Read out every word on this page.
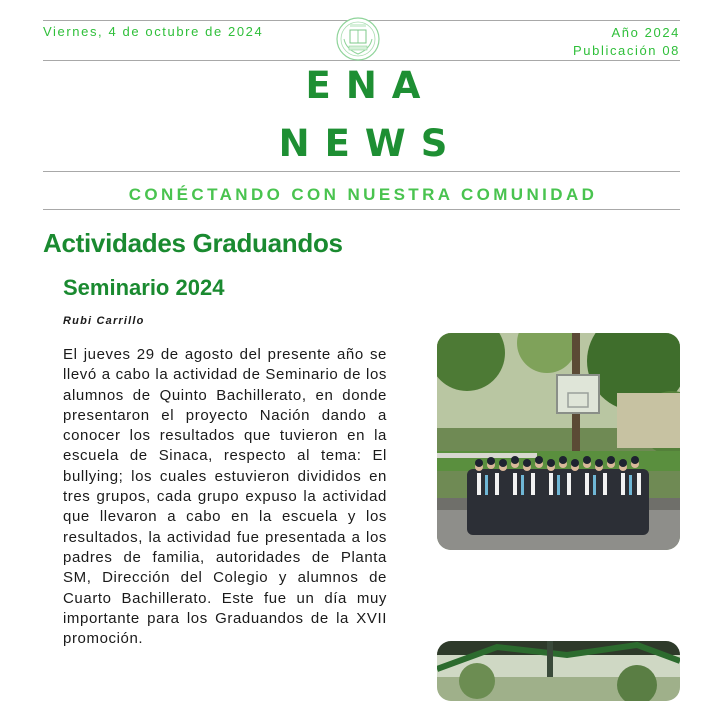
Viernes, 4 de octubre de 2024	Año 2024
Publicación 08
ENA
NEWS
CONÉCTANDO CON NUESTRA COMUNIDAD
Actividades Graduandos
Seminario 2024
Rubi Carrillo
El jueves 29 de agosto del presente año se llevó a cabo la actividad de Seminario de los alumnos de Quinto Bachillerato, en donde presentaron el proyecto Nación dando a conocer los resultados que tuvieron en la escuela de Sinaca, respecto al tema: El bullying; los cuales estuvieron divididos en tres grupos, cada grupo expuso la actividad que llevaron a cabo en la escuela y los resultados, la actividad fue presentada a los padres de familia, autoridades de Planta SM, Dirección del Colegio y alumnos de Cuarto Bachillerato. Este fue un día muy importante para los Graduandos de la XVII promoción.
